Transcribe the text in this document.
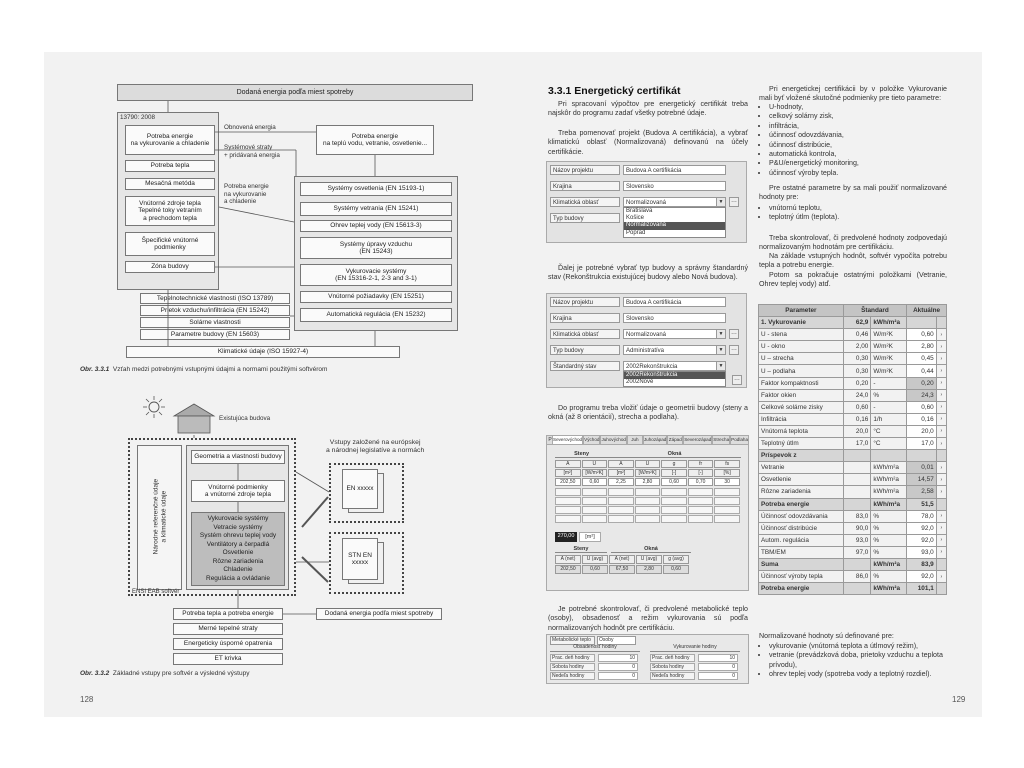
Dodaná energia podľa miest spotreby
13790: 2008
Potreba energie
na vykurovanie a chladenie
Potreba tepla
Mesačná metóda
Vnútorné zdroje tepla
Tepelné toky vetraním
a prechodom tepla
Špecifické vnútorné
podmienky
Zóna budovy
Obnovená energia
Systémové straty
+ pridávaná energia
Potreba energie
na vykurovanie
a chladenie
Potreba energie
na teplú vodu, vetranie, osvetlenie...
Systémy osvetlenia (EN 15193-1)
Systémy vetrania (EN 15241)
Ohrev teplej vody (EN 15613-3)
Systémy úpravy vzduchu
(EN 15243)
Vykurovacie systémy
(EN 15316-2-1, 2-3 and 3-1)
Vnútorné požiadavky (EN 15251)
Automatická regulácia (EN 15232)
Tepelnotechnické vlastnosti (ISO 13789)
Prietok vzduchu/infiltrácia (EN 15242)
Solárne vlastnosti
Parametre budovy (EN 15603)
Klimatické údaje (ISO 15927-4)
Obr. 3.3.1 Vzťah medzi potrebnými vstupnými údajmi a normami použitými softvérom
Existujúca budova
Národné referenčné údaje
a klimatické údaje
Geometria a vlastnosti budovy
Vnútorné podmienky
a vnútorné zdroje tepla
Vykurovacie systémy
Vetracie systémy
Systém ohrevu teplej vody
Ventilátory a čerpadlá
Osvetlenie
Rôzne zariadenia
Chladenie
Regulácia a ovládanie
ENSI EAB softvér
Vstupy založené na európskej
a národnej legislatíve a normách
EN xxxxx
STN EN
xxxxx
Potreba tepla a potreba energie
Merné tepelné straty
Energeticky úsporné opatrenia
ET krivka
Dodaná energia podľa miest spotreby
Obr. 3.3.2 Základné vstupy pre softvér a výsledné výstupy
128
3.3.1 Energetický certifikát
Pri spracovaní výpočtov pre energetický certifikát treba najskôr do programu zadať všetky potrebné údaje.
Treba pomenovať projekt (Budova A certifikácia), a vybrať klimatickú oblasť (Normalizovaná) definovanú na účely certifikácie.
Názov projektu	Budova A certifikácia
Krajina	Slovensko
Klimatická oblasť	Normalizovaná	▼	…
Typ budovy
Bratislava
Košice
Normalizovaná
Poprad
Ďalej je potrebné vybrať typ budovy a správny štandardný stav (Rekonštrukcia existujúcej budovy alebo Nová budova).
Názov projektu	Budova A certifikácia
Krajina	Slovensko
Klimatická oblasť	Normalizovaná	▼	…
Typ budovy	Administratíva	▼	…
Štandardný stav	2002Rekonštrukcia	▼
2002Rekonštrukcia
2002Nové
…
Do programu treba vložiť údaje o geometrii budovy (steny a okná (až 8 orientácií), strecha a podlaha).
P Severovýchod Východ Juhovýchod	Juh	Juhozápad Západ Severozápad Strecha Podlaha
Steny	Okná
A	U	A	U	g	fr	fs
[m²]	[W/m²K]	[m²]	[W/m²K]	[-]	[-]	[%]
202,50	0,60	2,25	2,80	0,60	0,70	30
270,00	[m²]
Steny	Okná
A (net)	U (avg)	A (net)	U (avg)	g (avg)
202,50	0,60	67,50	2,80	0,60
Je potrebné skontrolovať, či predvolené metabolické teplo (osoby), obsadenosť a režim vykurovania sú podľa normalizovaných hodnôt pre certifikáciu.
Metabolické teplo	Osoby
Obsadenosť hodiny	Vykurovanie hodiny
Prac. deň hodiny	10	Prac. deň hodiny	10
Sobota hodiny	0	Sobota hodiny	0
Nedeľa hodiny	0	Nedeľa hodiny	0
129
Pri energetickej certifikácii by v položke Vykurovanie mali byť vložené skutočné podmienky pre tieto parametre:
• U-hodnoty,
• celkový solárny zisk,
• infiltrácia,
• účinnosť odovzdávania,
• účinnosť distribúcie,
• automatická kontrola,
• P&U/energetický monitoring,
• účinnosť výroby tepla.
Pre ostatné parametre by sa mali použiť normalizované hodnoty pre:
• vnútornú teplotu,
• teplotný útlm (teplota).
Treba skontrolovať, či predvolené hodnoty zodpovedajú normalizovaným hodnotám pre certifikáciu.
Na základe vstupných hodnôt, softvér vypočíta potrebu tepla a potrebu energie.
Potom sa pokračuje ostatnými položkami (Vetranie, Ohrev teplej vody) atď.
Parameter	Štandard		Aktuálne	
1. Vykurovanie	62,9	kWh/m²a		
U - stena	0,46	W/m²K	0,60	›
U - okno	2,00	W/m²K	2,80	›
U – strecha	0,30	W/m²K	0,45	›
U – podlaha	0,30	W/m²K	0,44	›
Faktor kompaktnosti	0,20	-	0,20	›
Faktor okien	24,0	%	24,3	›
Celkové solárne zisky	0,60	-	0,60	›
Infiltrácia	0,16	1/h	0,16	›
Vnútorná teplota	20,0	°C	20,0	›
Teplotný útlm	17,0	°C	17,0	›
Príspevok z				
Vetranie		kWh/m²a	0,01	›
Osvetlenie		kWh/m²a	14,57	›
Rôzne zariadenia		kWh/m²a	2,58	›
Potreba energie		kWh/m²a	51,5	
Účinnosť odovzdávania	83,0	%	78,0	›
Účinnosť distribúcie	90,0	%	92,0	›
Autom. regulácia	93,0	%	92,0	›
TBM/EM	97,0	%	93,0	›
Suma		kWh/m²a	83,9	
Účinnosť výroby tepla	86,0	%	92,0	›
Potreba energie		kWh/m²a	101,1	
Normalizované hodnoty sú definované pre:
• vykurovanie (vnútorná teplota a útlmový režim),
• vetranie (prevádzková doba, prietoky vzduchu a teplota prívodu),
• ohrev teplej vody (spotreba vody a teplotný rozdiel).
